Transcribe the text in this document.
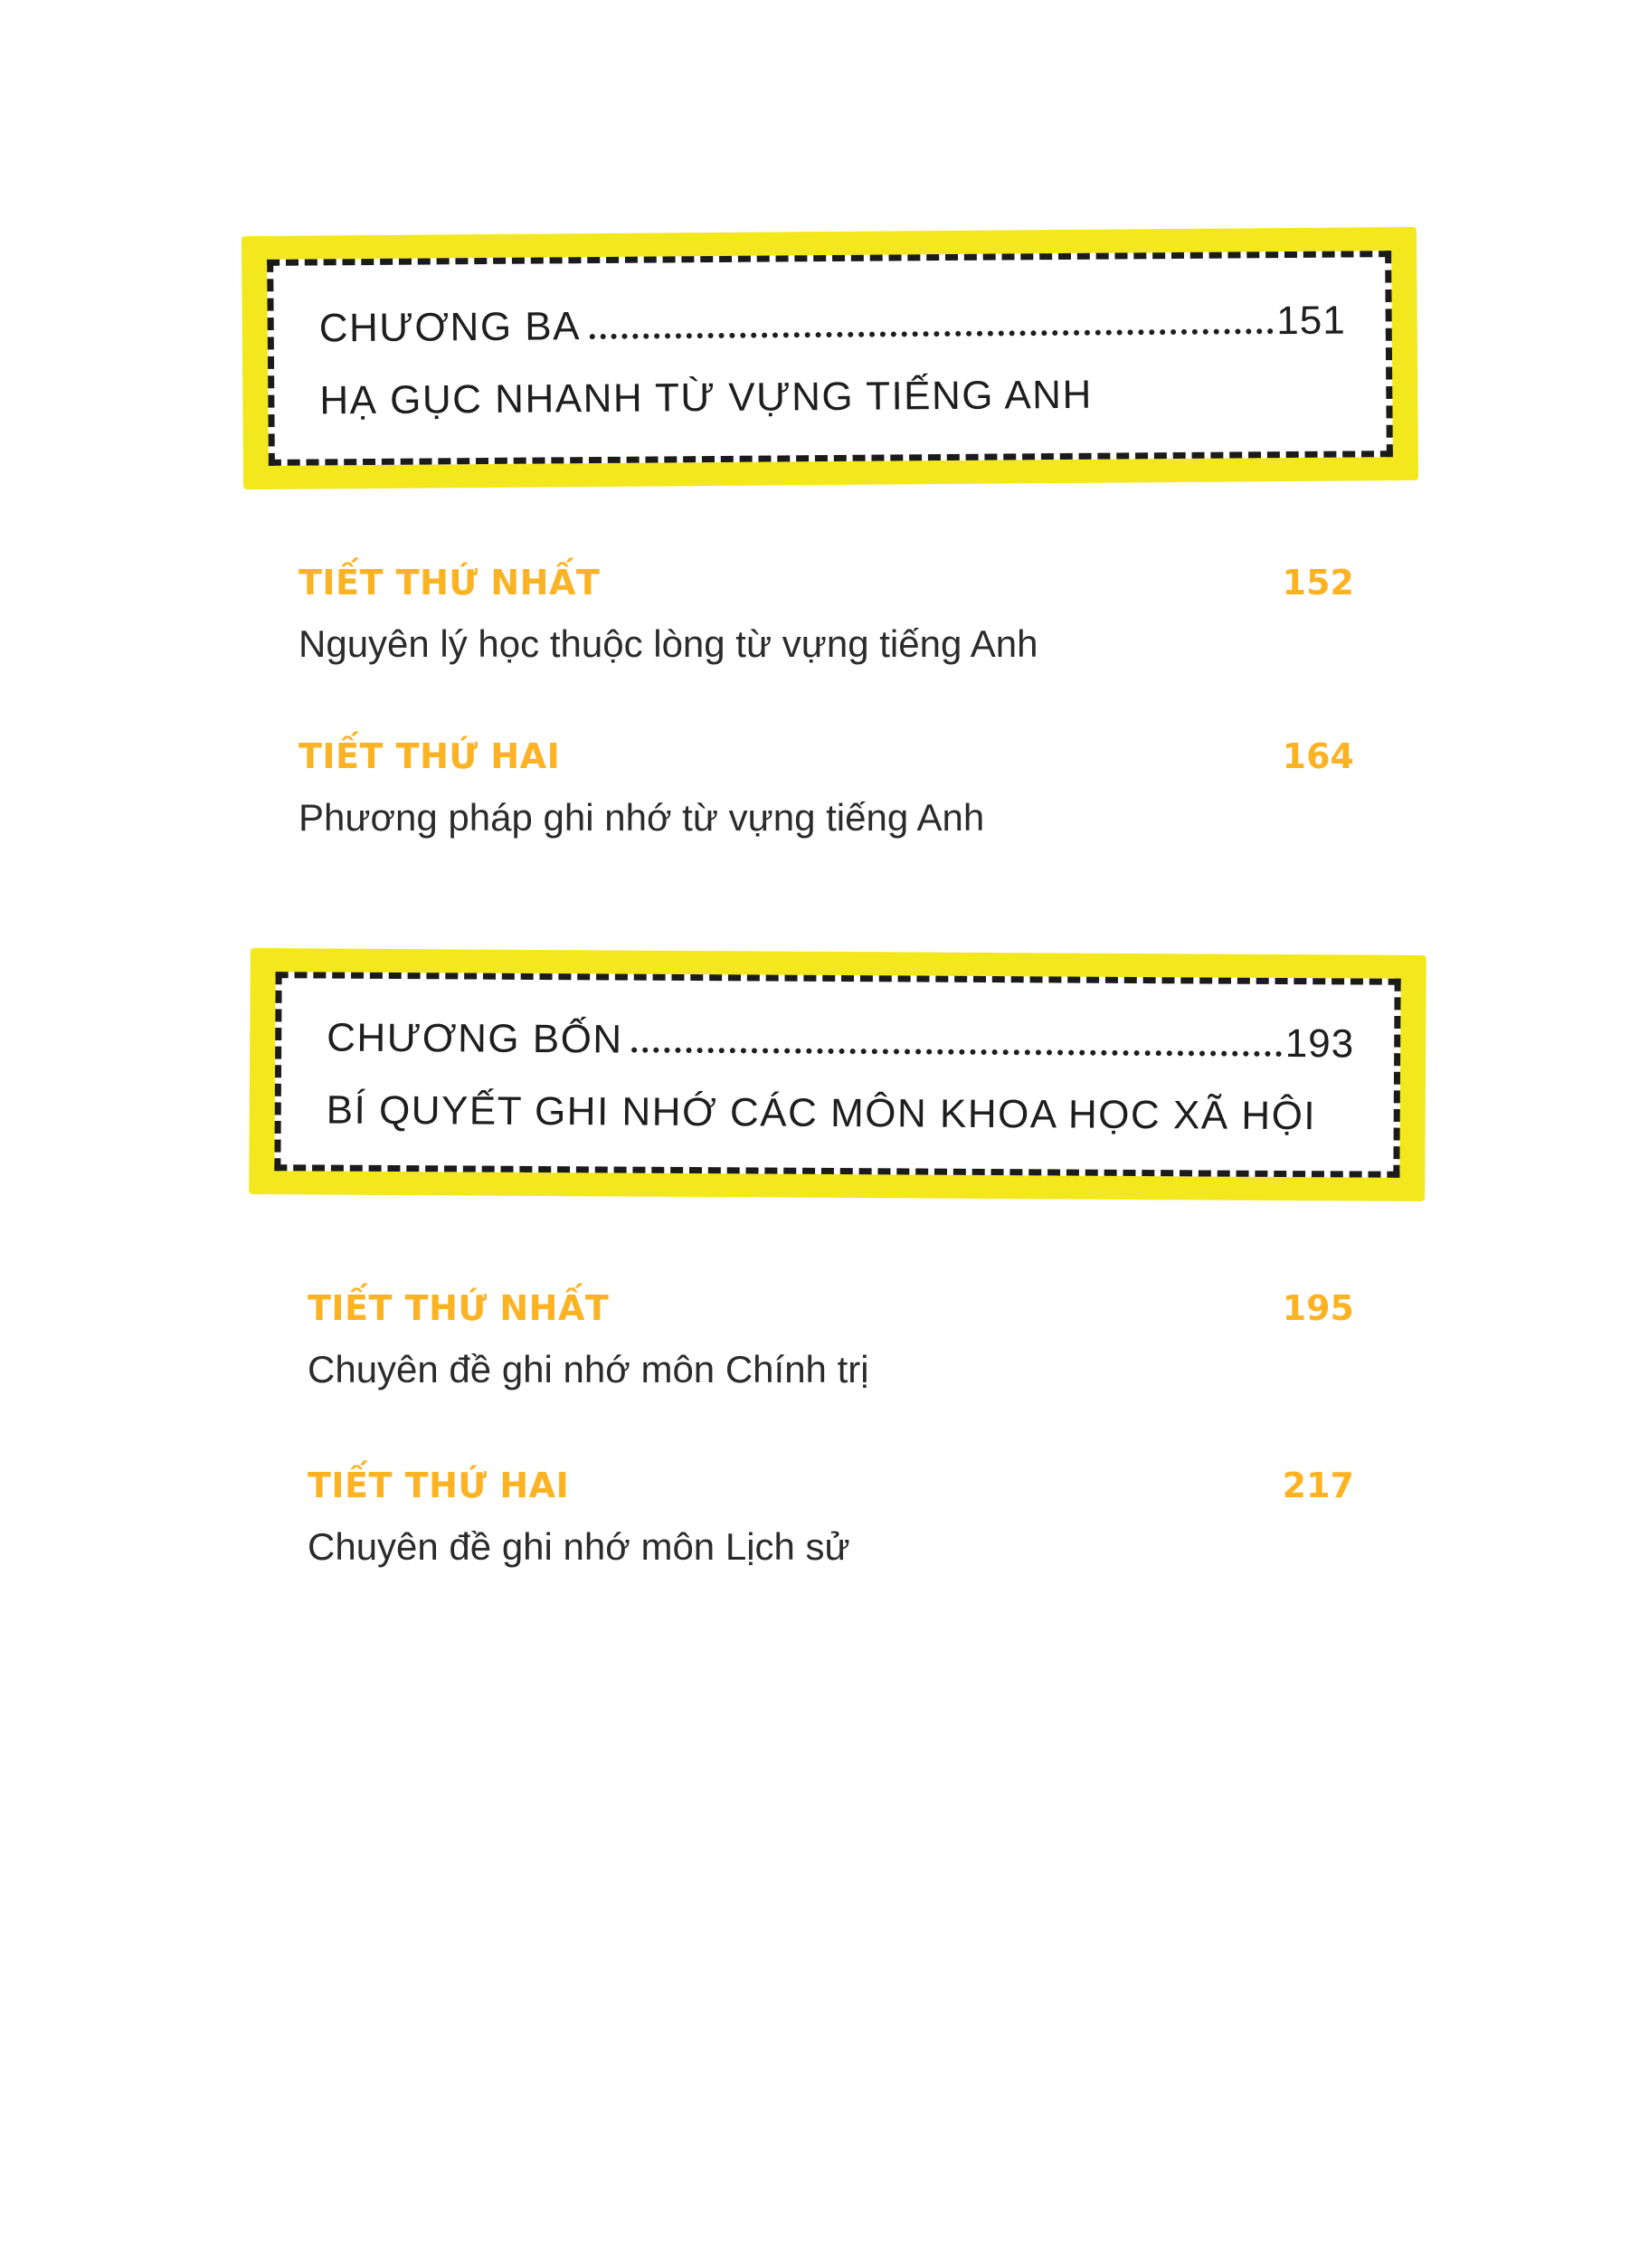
CHƯƠNG BA	151
HẠ GỤC NHANH TỪ VỰNG TIẾNG ANH
TIẾT THỨ NHẤT	152
Nguyên lý học thuộc lòng từ vựng tiếng Anh
TIẾT THỨ HAI	164
Phương pháp ghi nhớ từ vựng tiếng Anh
CHƯƠNG BỐN	193
BÍ QUYẾT GHI NHỚ CÁC MÔN KHOA HỌC XÃ HỘI
TIẾT THỨ NHẤT	195
Chuyên đề ghi nhớ môn Chính trị
TIẾT THỨ HAI	217
Chuyên đề ghi nhớ môn Lịch sử
